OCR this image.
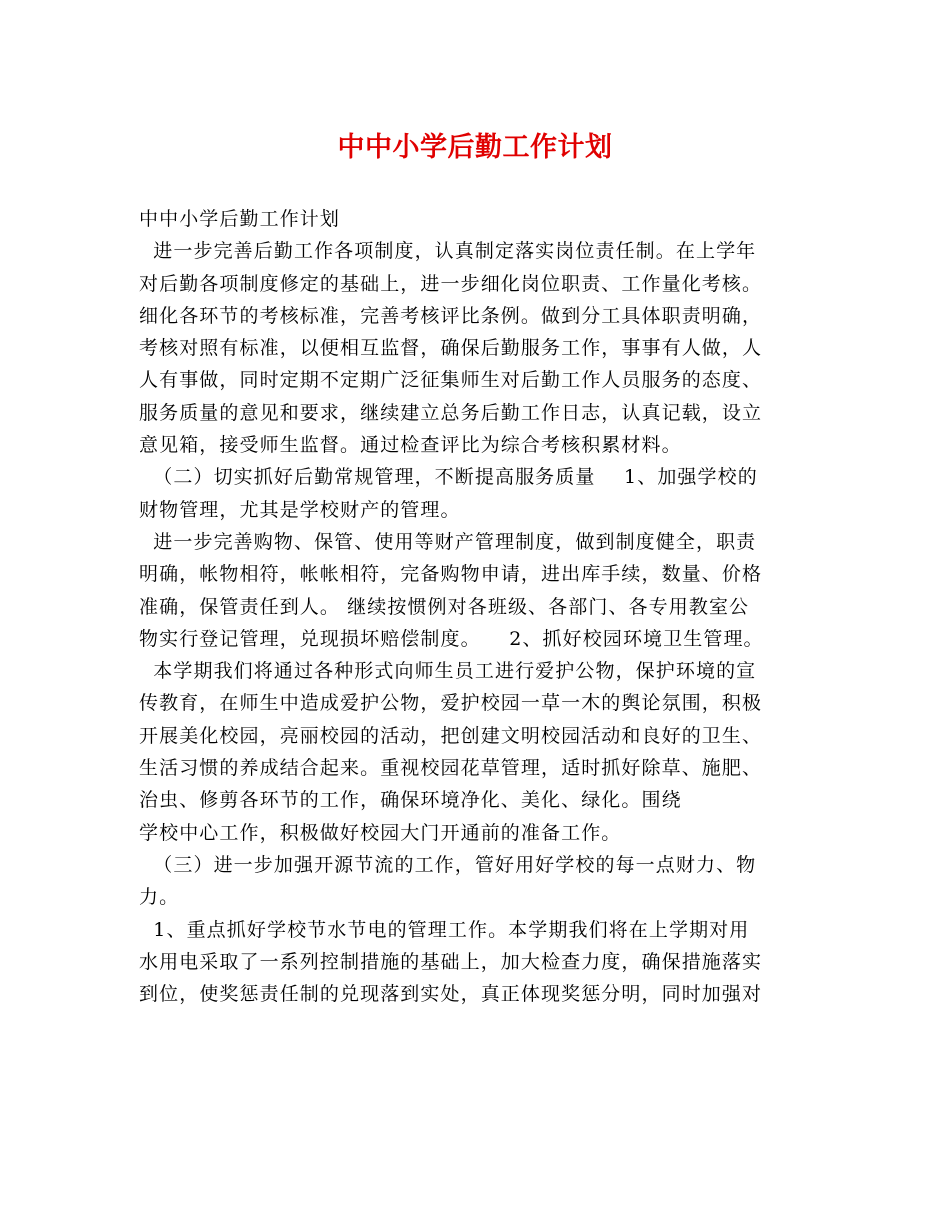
中中小学后勤工作计划
中中小学后勤工作计划
进一步完善后勤工作各项制度，认真制定落实岗位责任制。在上学年
对后勤各项制度修定的基础上，进一步细化岗位职责、工作量化考核。
细化各环节的考核标准，完善考核评比条例。做到分工具体职责明确，
考核对照有标准，以便相互监督，确保后勤服务工作，事事有人做，人
人有事做，同时定期不定期广泛征集师生对后勤工作人员服务的态度、
服务质量的意见和要求，继续建立总务后勤工作日志，认真记载，设立
意见箱，接受师生监督。通过检查评比为综合考核积累材料。
（二）切实抓好后勤常规管理，不断提高服务质量    1、加强学校的
财物管理，尤其是学校财产的管理。
进一步完善购物、保管、使用等财产管理制度，做到制度健全，职责
明确，帐物相符，帐帐相符，完备购物申请，进出库手续，数量、价格
准确，保管责任到人。 继续按惯例对各班级、各部门、各专用教室公
物实行登记管理，兑现损坏赔偿制度。    2、抓好校园环境卫生管理。
本学期我们将通过各种形式向师生员工进行爱护公物，保护环境的宣
传教育，在师生中造成爱护公物，爱护校园一草一木的舆论氛围，积极
开展美化校园，亮丽校园的活动，把创建文明校园活动和良好的卫生、
生活习惯的养成结合起来。重视校园花草管理，适时抓好除草、施肥、
治虫、修剪各环节的工作，确保环境净化、美化、绿化。围绕
学校中心工作，积极做好校园大门开通前的准备工作。
（三）进一步加强开源节流的工作，管好用好学校的每一点财力、物
力。
1、重点抓好学校节水节电的管理工作。本学期我们将在上学期对用
水用电采取了一系列控制措施的基础上，加大检查力度，确保措施落实
到位，使奖惩责任制的兑现落到实处，真正体现奖惩分明，同时加强对
